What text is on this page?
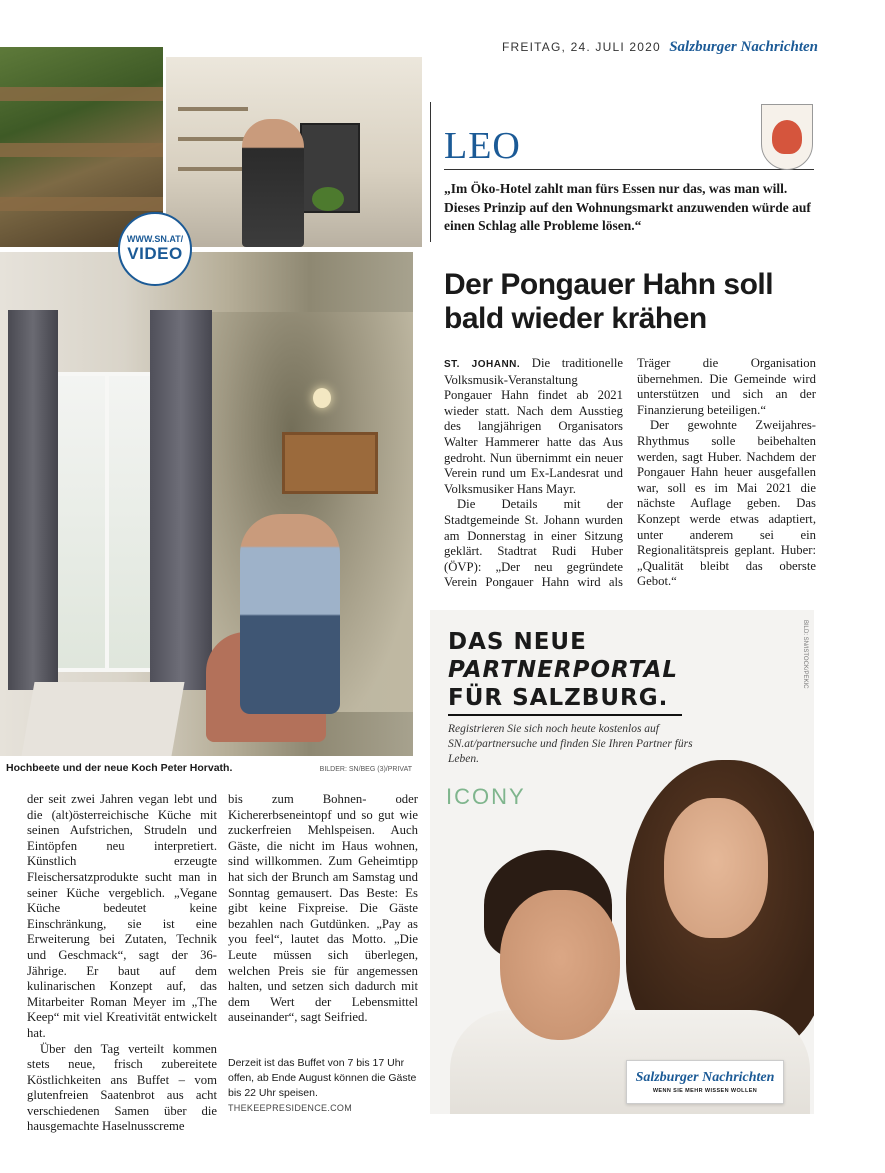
FREITAG, 24. JULI 2020 Salzburger Nachrichten
WWW.SN.AT/
VIDEO
Hochbeete und der neue Koch Peter Horvath.	BILDER: SN/BEG (3)/PRIVAT
LEO
„Im Öko-Hotel zahlt man fürs Essen nur das, was man will. Dieses Prinzip auf den Wohnungsmarkt anzuwenden würde auf einen Schlag alle Probleme lösen.“
Der Pongauer Hahn soll bald wieder krähen

ST. JOHANN. Die traditionelle Volksmusik-Veranstaltung Pongauer Hahn findet ab 2021 wieder statt. Nach dem Ausstieg des langjährigen Organisators Walter Hammerer hatte das Aus gedroht. Nun übernimmt ein neuer Verein rund um Ex-Landesrat und Volksmusiker Hans Mayr.

Die Details mit der Stadtgemeinde St. Johann wurden am Donnerstag in einer Sitzung geklärt. Stadtrat Rudi Huber (ÖVP): „Der neu gegründete Verein Pongauer Hahn wird als Träger die Organisation übernehmen. Die Gemeinde wird unterstützen und sich an der Finanzierung beteiligen.“

Der gewohnte Zweijahres-Rhythmus solle beibehalten werden, sagt Huber. Nachdem der Pongauer Hahn heuer ausgefallen war, soll es im Mai 2021 die nächste Auflage geben. Das Konzept werde etwas adaptiert, unter anderem sei ein Regionalitätspreis geplant. Huber: „Qualität bleibt das oberste Gebot.“

der seit zwei Jahren vegan lebt und die (alt)österreichische Küche mit seinen Aufstrichen, Strudeln und Eintöpfen neu interpretiert. Künstlich erzeugte Fleischersatzprodukte sucht man in seiner Küche vergeblich. „Vegane Küche bedeutet keine Einschränkung, sie ist eine Erweiterung bei Zutaten, Technik und Geschmack“, sagt der 36-Jährige. Er baut auf dem kulinarischen Konzept auf, das Mitarbeiter Roman Meyer im „The Keep“ mit viel Kreativität entwickelt hat.

Über den Tag verteilt kommen stets neue, frisch zubereitete Köstlichkeiten ans Buffet – vom glutenfreien Saatenbrot aus acht verschiedenen Samen über die hausgemachte Haselnusscreme

bis zum Bohnen- oder Kichererbseneintopf und so gut wie zuckerfreien Mehlspeisen. Auch Gäste, die nicht im Haus wohnen, sind willkommen. Zum Geheimtipp hat sich der Brunch am Samstag und Sonntag gemausert. Das Beste: Es gibt keine Fixpreise. Die Gäste bezahlen nach Gutdünken. „Pay as you feel“, lautet das Motto. „Die Leute müssen sich überlegen, welchen Preis sie für angemessen halten, und setzen sich dadurch mit dem Wert der Lebensmittel auseinander“, sagt Seifried.

Derzeit ist das Buffet von 7 bis 17 Uhr offen, ab Ende August können die Gäste bis 22 Uhr speisen.
THEKEEPRESIDENCE.COM
DAS NEUE
PARTNERPORTAL
FÜR SALZBURG.
Registrieren Sie sich noch heute kostenlos auf SN.at/partnersuche und finden Sie Ihren Partner fürs Leben.
ICONY
BILD: SN/ISTOCK/PEKIC
Salzburger Nachrichten
WENN SIE MEHR WISSEN WOLLEN
